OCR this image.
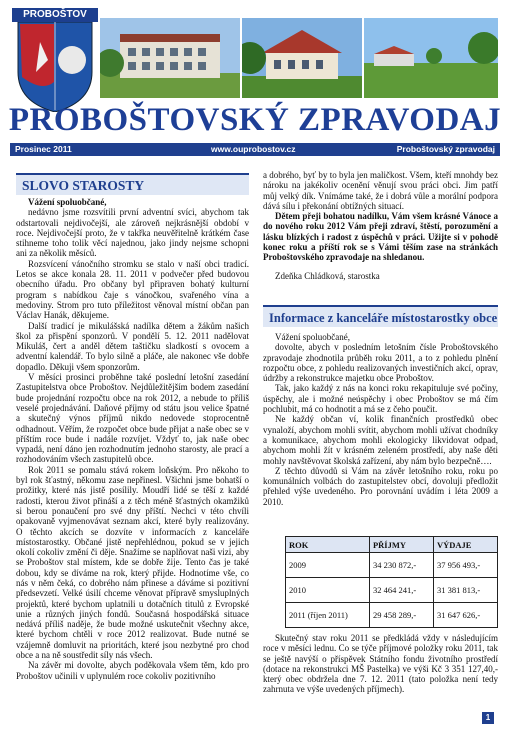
PROBOŠTOV
PROBOŠTOVSKÝ ZPRAVODAJ
Prosinec 2011	www.ouprobostov.cz	Proboštovský zpravodaj
SLOVO STAROSTY

Vážení spoluobčané,

nedávno jsme rozsvítili první adventní svíci, abychom tak odstartovali nejdivočejší, ale zároveň nejkrásnější období v roce. Nejdivočejší proto, že v takřka neuvěřitelně krátkém čase stihneme toho tolik věcí najednou, jako jindy nejsme schopni ani za několik měsíců.

Rozsvícení vánočního stromku se stalo v naší obci tradicí. Letos se akce konala 28. 11. 2011 v podvečer před budovou obecního úřadu. Pro občany byl připraven bohatý kulturní program s nabídkou čaje s vánočkou, svařeného vína a medoviny. Strom pro tuto příležitost věnoval místní občan pan Václav Hanák, děkujeme.

Další tradicí je mikulášská nadílka dětem a žákům našich škol za přispění sponzorů. V pondělí 5. 12. 2011 nadělovat Mikuláš, čert a anděl dětem taštičku sladkostí s ovocem a adventní kalendář. To bylo silně a pláče, ale nakonec vše dobře dopadlo. Děkuji všem sponzorům.

V měsíci prosinci proběhne také poslední letošní zasedání Zastupitelstva obce Proboštov. Nejdůležitějším bodem zasedání bude projednání rozpočtu obce na rok 2012, a nebude to příliš veselé projednávání. Daňové příjmy od státu jsou velice špatné a skutečný výnos příjmů nikdo nedovede stoprocentně odhadnout. Věřím, že rozpočet obce bude přijat a naše obec se v příštím roce bude i nadále rozvíjet. Vždyť to, jak naše obec vypadá, není dáno jen rozhodnutím jednoho starosty, ale prací a rozhodováním všech zastupitelů obce.

Rok 2011 se pomalu stává rokem loňským. Pro někoho to byl rok šťastný, někomu zase nepřinesl. Všichni jsme bohatší o prožitky, které nás jistě posílily. Moudří lidé se těší z každé radosti, kterou život přináší a z těch méně šťastných okamžiků si berou ponaučení pro své dny příští. Nechci v této chvíli opakovaně vyjmenovávat seznam akcí, které byly realizovány. O těchto akcích se dozvíte v informacích z kanceláře místostarostky. Občané jistě nepřehlédnou, pokud se v jejich okolí cokoliv změní či děje. Snažíme se naplňovat naši vizi, aby se Proboštov stal místem, kde se dobře žije. Tento čas je také dobou, kdy se díváme na rok, který přijde. Hodnotíme vše, co nás v něm čeká, co dobrého nám přinese a dáváme si pozitivní předsevzetí. Velké úsilí chceme věnovat přípravě smysluplných projektů, které bychom uplatnili u dotačních titulů z Evropské unie a různých jiných fondů. Současná hospodářská situace nedává příliš naděje, že bude možné uskutečnit všechny akce, které bychom chtěli v roce 2012 realizovat. Bude nutné se vzájemně domluvit na prioritách, které jsou nezbytné pro chod obce a na ně soustředit síly nás všech.

Na závěr mi dovolte, abych poděkovala všem těm, kdo pro Proboštov učinili v uplynulém roce cokoliv pozitivního

a dobrého, byť by to byla jen maličkost. Všem, kteří mnohdy bez nároku na jakékoliv ocenění věnují svou práci obci. Jim patří můj velký dík. Vnímáme také, že i dobrá vůle a morální podpora dává sílu i překonání obtížných situací.

Dětem přeji bohatou nadílku, Vám všem krásné Vánoce a do nového roku 2012 Vám přeji zdraví, štěstí, porozumění a lásku blízkých i radost z úspěchů v práci. Užijte si v pohodě konec roku a příští rok se s Vámi těším zase na stránkách Proboštovského zpravodaje na shledanou.

Zdeňka Chládková, starostka

Informace z kanceláře místostarostky obce

Vážení spoluobčané,

dovolte, abych v posledním letošním čísle Proboštovského zpravodaje zhodnotila průběh roku 2011, a to z pohledu plnění rozpočtu obce, z pohledu realizovaných investičních akcí, oprav, údržby a rekonstrukce majetku obce Proboštov.

Tak, jako každý z nás na konci roku rekapituluje své počiny, úspěchy, ale i možné neúspěchy i obec Proboštov se má čím pochlubit, má co hodnotit a má se z čeho poučit.

Ne každý občan ví, kolik finančních prostředků obec vynaloží, abychom mohli svítit, abychom mohli užívat chodníky a komunikace, abychom mohli ekologicky likvidovat odpad, abychom mohli žít v krásném zeleném prostředí, aby naše děti mohly navštěvovat školská zařízení, aby nám bylo bezpečně….

Z těchto důvodů si Vám na závěr letošního roku, roku po komunálních volbách do zastupitelstev obcí, dovoluji předložit přehled výše uvedeného. Pro porovnání uvádím i léta 2009 a 2010.

ROK	PŘÍJMY	VÝDAJE
2009	34 230 872,-	37 956 493,-
2010	32 464 241,-	31 381 813,-
2011 (říjen 2011)	29 458 289,-	31 647 626,-

Skutečný stav roku 2011 se předkládá vždy v následujícím roce v měsíci lednu. Co se týče příjmové položky roku 2011, tak se ještě navýší o příspěvek Státního fondu životního prostředí (dotace na rekonstrukci MŠ Pastelka) ve výši Kč 3 351 127,40,- který obec obdržela dne 7. 12. 2011 (tato položka není tedy zahrnuta ve výše uvedených příjmech).

1
